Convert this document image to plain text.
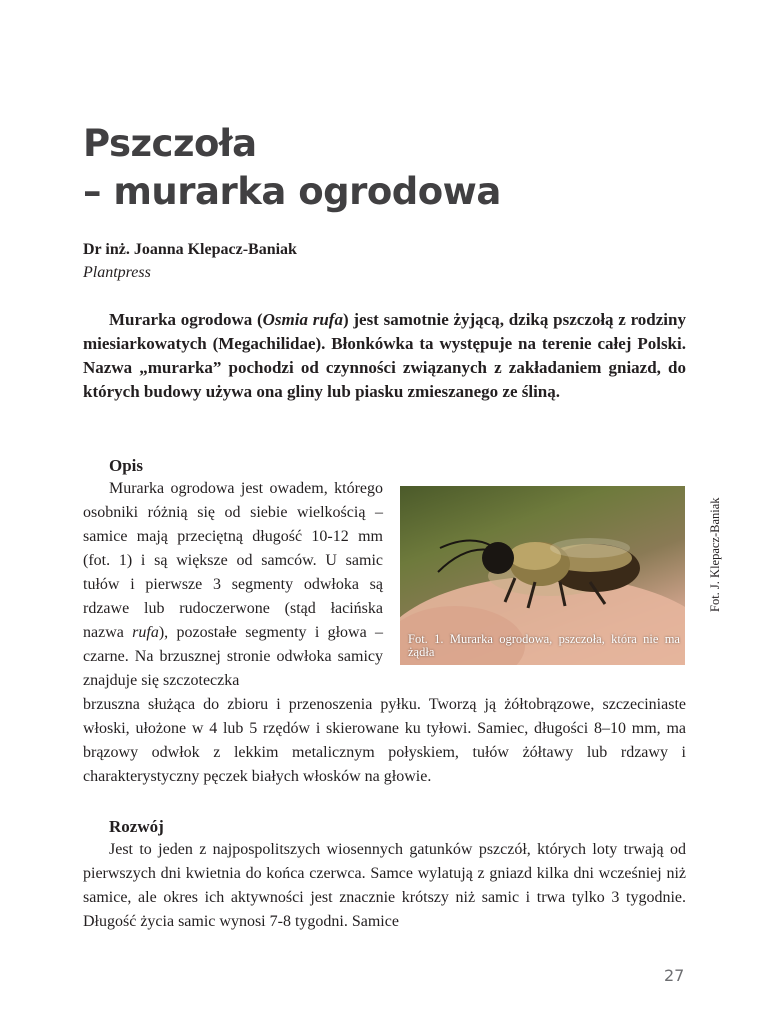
Pszczoła
– murarka ogrodowa
Dr inż. Joanna Klepacz-Baniak
Plantpress

Murarka ogrodowa (Osmia rufa) jest samotnie żyjącą, dziką pszczołą z rodziny miesiarkowatych (Megachilidae). Błonkówka ta występuje na terenie całej Polski. Nazwa „murarka” pochodzi od czynności związanych z zakładaniem gniazd, do których budowy używa ona gliny lub piasku zmieszanego ze śliną.

Opis
Murarka ogrodowa jest owadem, którego osobniki różnią się od siebie wielkością – samice mają przeciętną długość 10-12 mm (fot. 1) i są większe od samców. U samic tułów i pierwsze 3 segmenty odwłoka są rdzawe lub rudoczerwone (stąd łacińska nazwa rufa), pozostałe segmenty i głowa – czarne. Na brzusznej stronie odwłoka samicy znajduje się szczoteczka
brzuszna służąca do zbioru i przenoszenia pyłku. Tworzą ją żółtobrązowe, szczeciniaste włoski, ułożone w 4 lub 5 rzędów i skierowane ku tyłowi. Samiec, długości 8–10 mm, ma brązowy odwłok z lekkim metalicznym połyskiem, tułów żółtawy lub rdzawy i charakterystyczny pęczek białych włosków na głowie.

Fot. 1. Murarka ogrodowa, pszczoła, która nie ma żądła

Fot. J. Klepacz-Baniak
Rozwój

Jest to jeden z najpospolitszych wiosennych gatunków pszczół, których loty trwają od pierwszych dni kwietnia do końca czerwca. Samce wylatują z gniazd kilka dni wcześniej niż samice, ale okres ich aktywności jest znacznie krótszy niż samic i trwa tylko 3 tygodnie. Długość życia samic wynosi 7-8 tygodni. Samice

27
